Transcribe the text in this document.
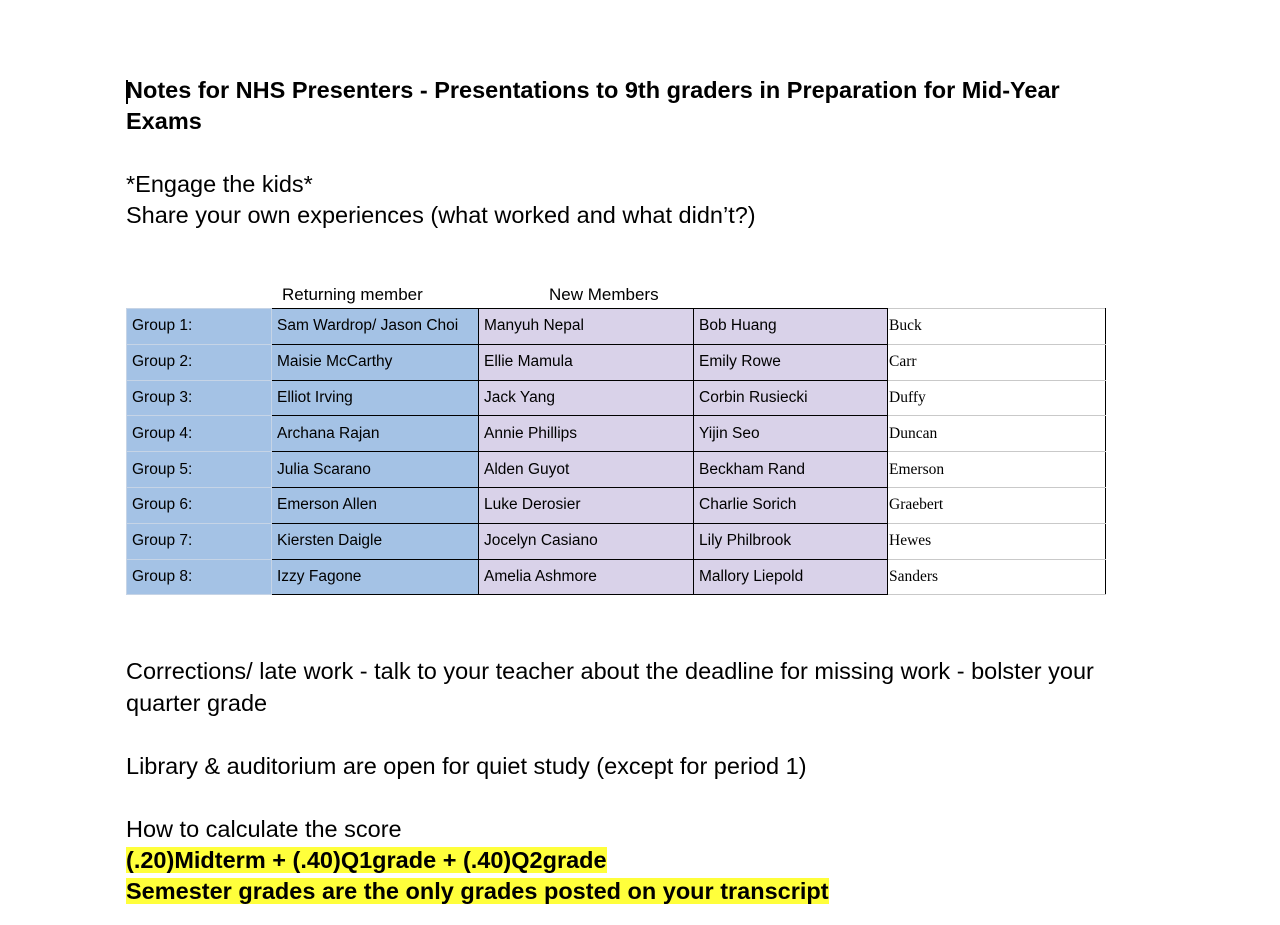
Notes for NHS Presenters - Presentations to 9th graders in Preparation for Mid-Year Exams

*Engage the kids*

Share your own experiences (what worked and what didn’t?)

Returning member	New Members
Group 1:	Sam Wardrop/ Jason Choi	Manyuh Nepal	Bob Huang	Buck
Group 2:	Maisie McCarthy	Ellie Mamula	Emily Rowe	Carr
Group 3:	Elliot Irving	Jack Yang	Corbin Rusiecki	Duffy
Group 4:	Archana Rajan	Annie Phillips	Yijin Seo	Duncan
Group 5:	Julia Scarano	Alden Guyot	Beckham Rand	Emerson
Group 6:	Emerson Allen	Luke Derosier	Charlie Sorich	Graebert
Group 7:	Kiersten Daigle	Jocelyn Casiano	Lily Philbrook	Hewes
Group 8:	Izzy Fagone	Amelia Ashmore	Mallory Liepold	Sanders

Corrections/ late work - talk to your teacher about the deadline for missing work - bolster your quarter grade

Library & auditorium are open for quiet study (except for period 1)

How to calculate the score

(.20)Midterm + (.40)Q1grade + (.40)Q2grade

Semester grades are the only grades posted on your transcript
